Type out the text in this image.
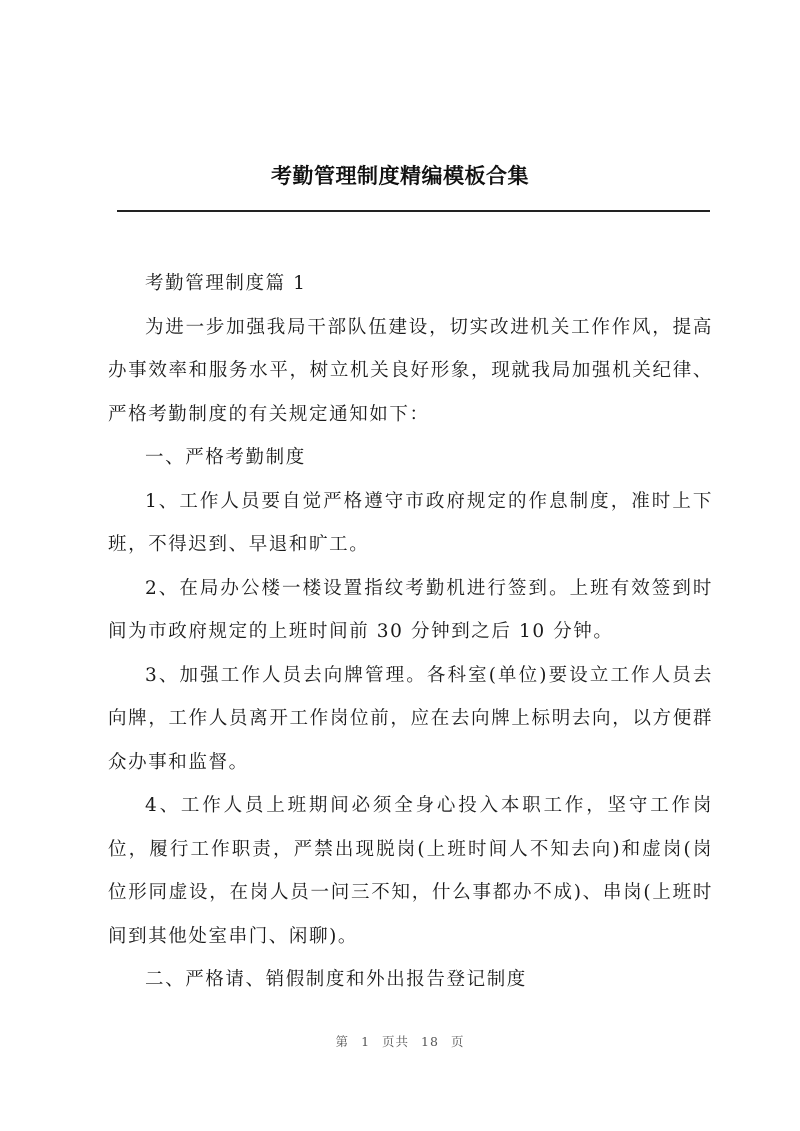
考勤管理制度精编模板合集

考勤管理制度篇 1

为进一步加强我局干部队伍建设，切实改进机关工作作风，提高办事效率和服务水平，树立机关良好形象，现就我局加强机关纪律、严格考勤制度的有关规定通知如下：

一、严格考勤制度

1、工作人员要自觉严格遵守市政府规定的作息制度，准时上下班，不得迟到、早退和旷工。

2、在局办公楼一楼设置指纹考勤机进行签到。上班有效签到时间为市政府规定的上班时间前 30 分钟到之后 10 分钟。

3、加强工作人员去向牌管理。各科室(单位)要设立工作人员去向牌，工作人员离开工作岗位前，应在去向牌上标明去向，以方便群众办事和监督。

4、工作人员上班期间必须全身心投入本职工作，坚守工作岗位，履行工作职责，严禁出现脱岗(上班时间人不知去向)和虚岗(岗位形同虚设，在岗人员一问三不知，什么事都办不成)、串岗(上班时间到其他处室串门、闲聊)。

二、严格请、销假制度和外出报告登记制度

第 1 页共 18 页
